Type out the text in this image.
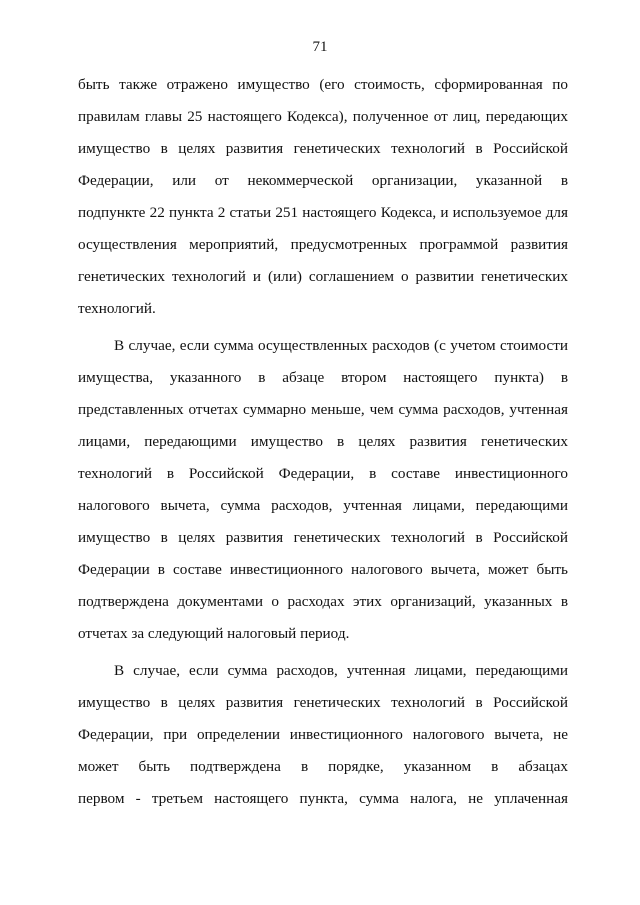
71
быть также отражено имущество (его стоимость, сформированная по
правилам главы 25 настоящего Кодекса), полученное от лиц, передающих
имущество в целях развития генетических технологий в Российской
Федерации, или от некоммерческой организации, указанной в
подпункте 22 пункта 2 статьи 251 настоящего Кодекса, и используемое для
осуществления мероприятий, предусмотренных программой развития
генетических технологий и (или) соглашением о развитии генетических
технологий.
В случае, если сумма осуществленных расходов (с учетом стоимости
имущества, указанного в абзаце втором настоящего пункта) в
представленных отчетах суммарно меньше, чем сумма расходов, учтенная
лицами, передающими имущество в целях развития генетических
технологий в Российской Федерации, в составе инвестиционного
налогового вычета, сумма расходов, учтенная лицами, передающими
имущество в целях развития генетических технологий в Российской
Федерации в составе инвестиционного налогового вычета, может быть
подтверждена документами о расходах этих организаций, указанных в
отчетах за следующий налоговый период.
В случае, если сумма расходов, учтенная лицами, передающими
имущество в целях развития генетических технологий в Российской
Федерации, при определении инвестиционного налогового вычета, не
может быть подтверждена в порядке, указанном в абзацах
первом - третьем настоящего пункта, сумма налога, не уплаченная
